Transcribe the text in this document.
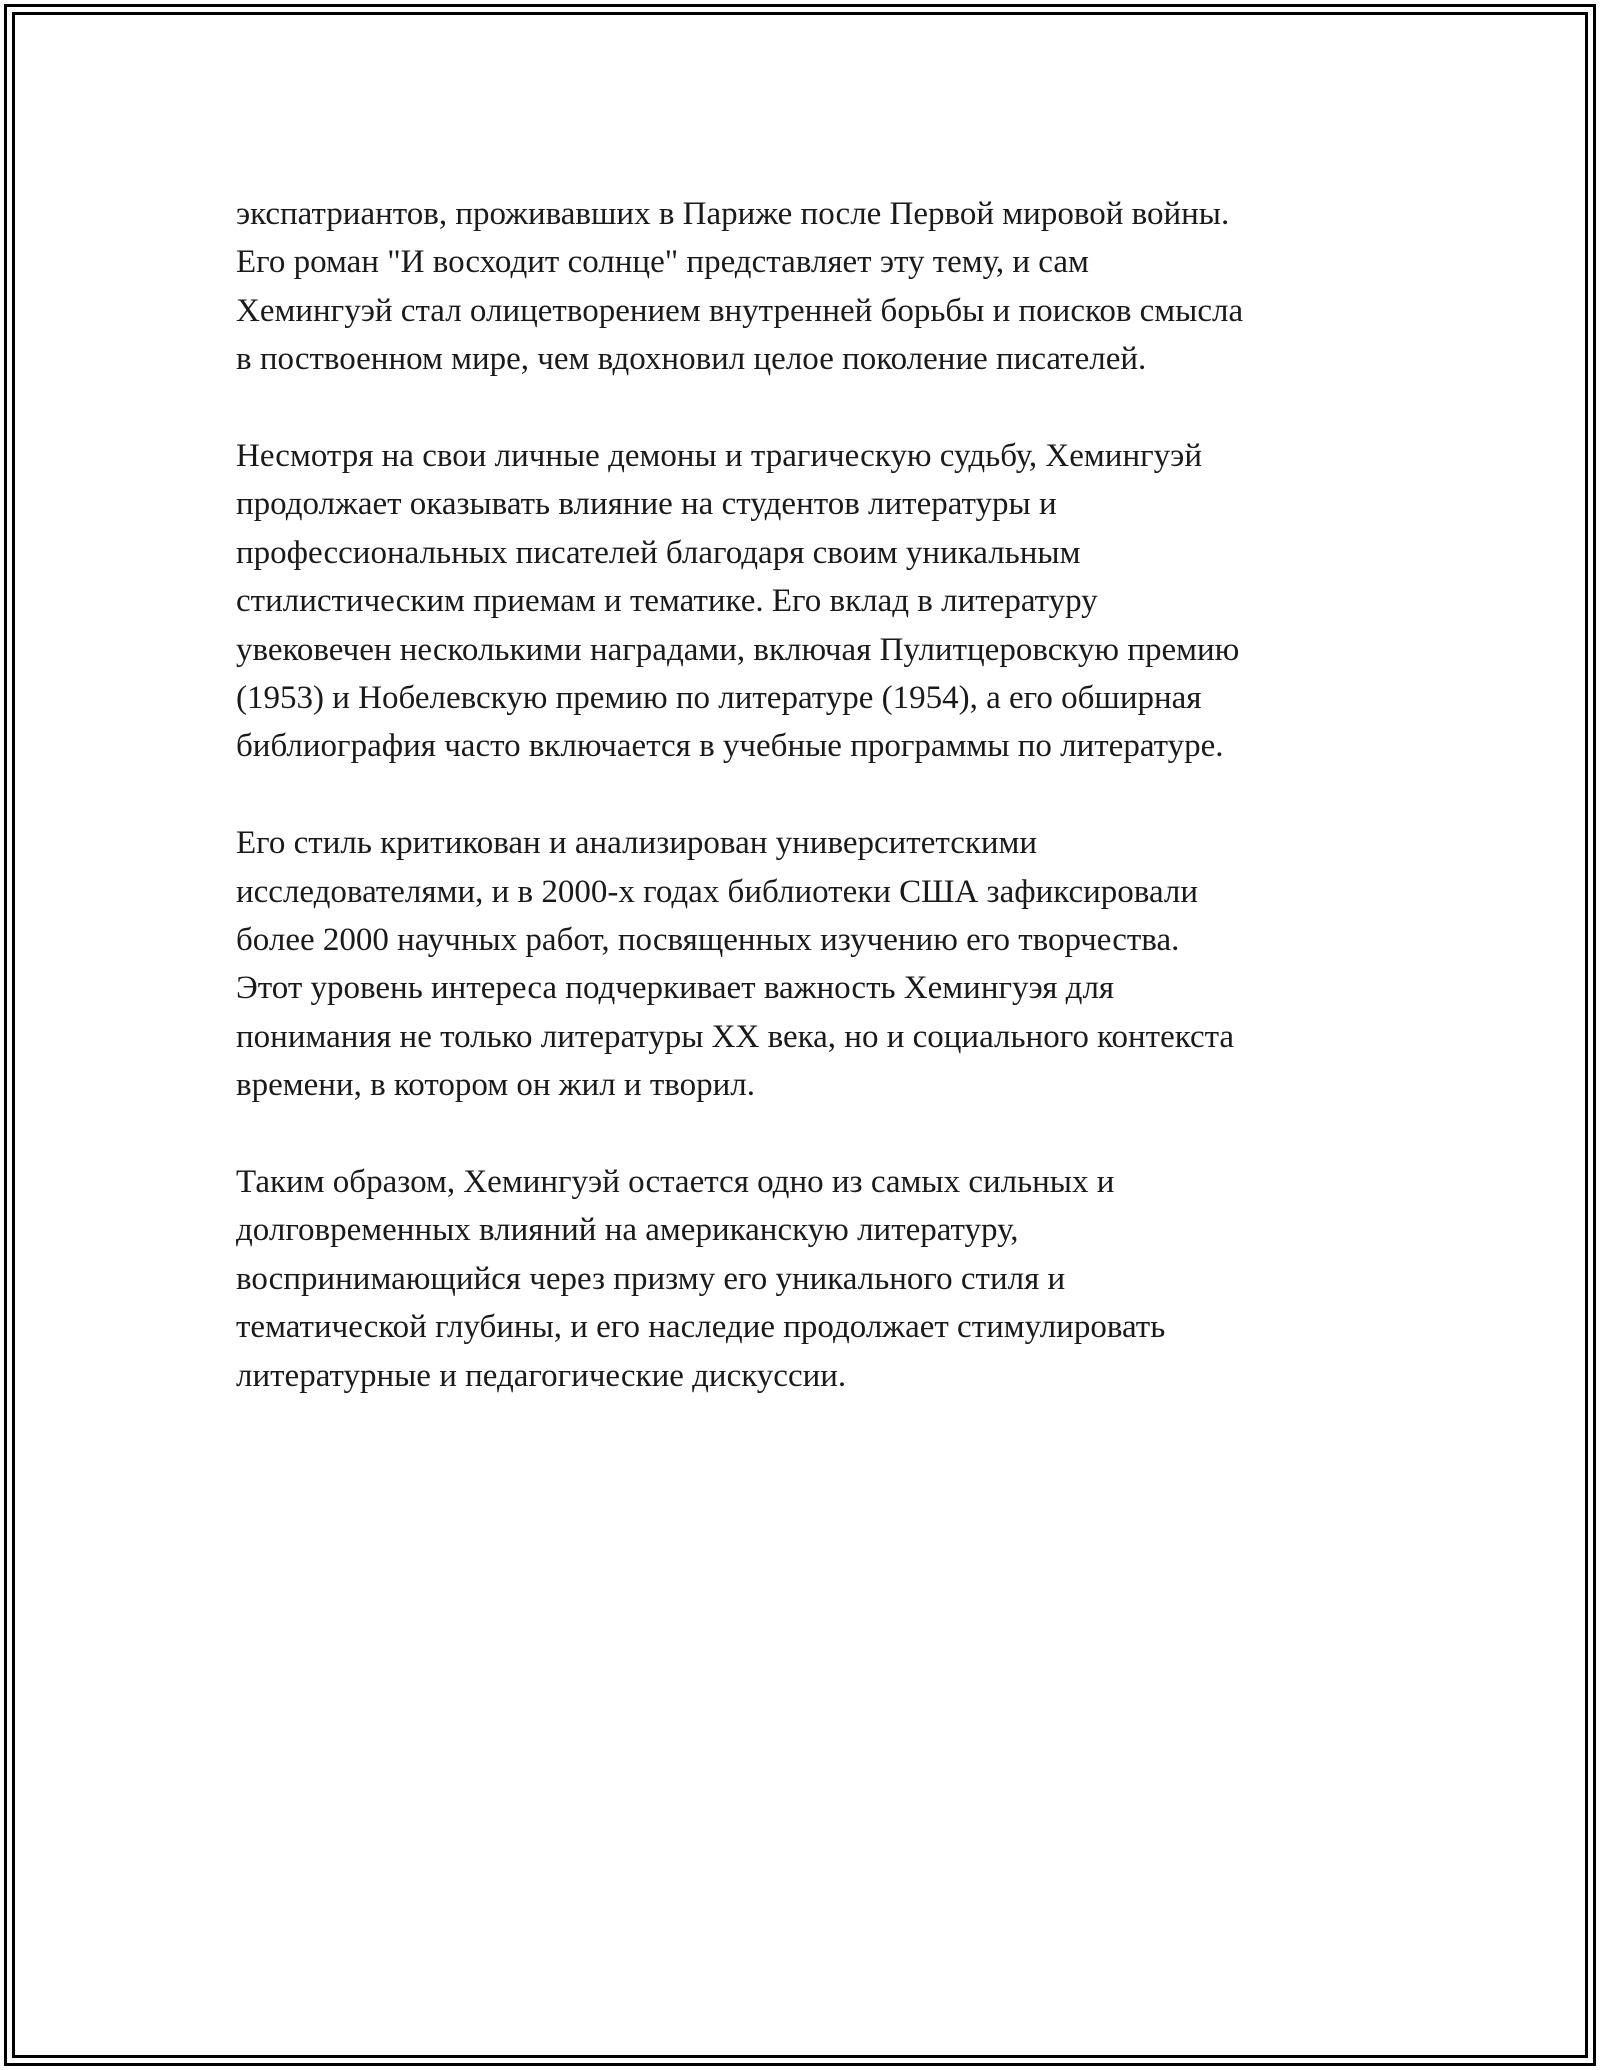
экспатриантов, проживавших в Париже после Первой мировой войны.
Его роман "И восходит солнце" представляет эту тему, и сам
Хемингуэй стал олицетворением внутренней борьбы и поисков смысла
в поствоенном мире, чем вдохновил целое поколение писателей.

Несмотря на свои личные демоны и трагическую судьбу, Хемингуэй
продолжает оказывать влияние на студентов литературы и
профессиональных писателей благодаря своим уникальным
стилистическим приемам и тематике. Его вклад в литературу
увековечен несколькими наградами, включая Пулитцеровскую премию
(1953) и Нобелевскую премию по литературе (1954), а его обширная
библиография часто включается в учебные программы по литературе.

Его стиль критикован и анализирован университетскими
исследователями, и в 2000-х годах библиотеки США зафиксировали
более 2000 научных работ, посвященных изучению его творчества.
Этот уровень интереса подчеркивает важность Хемингуэя для
понимания не только литературы XX века, но и социального контекста
времени, в котором он жил и творил.

Таким образом, Хемингуэй остается одно из самых сильных и
долговременных влияний на американскую литературу,
воспринимающийся через призму его уникального стиля и
тематической глубины, и его наследие продолжает стимулировать
литературные и педагогические дискуссии.
